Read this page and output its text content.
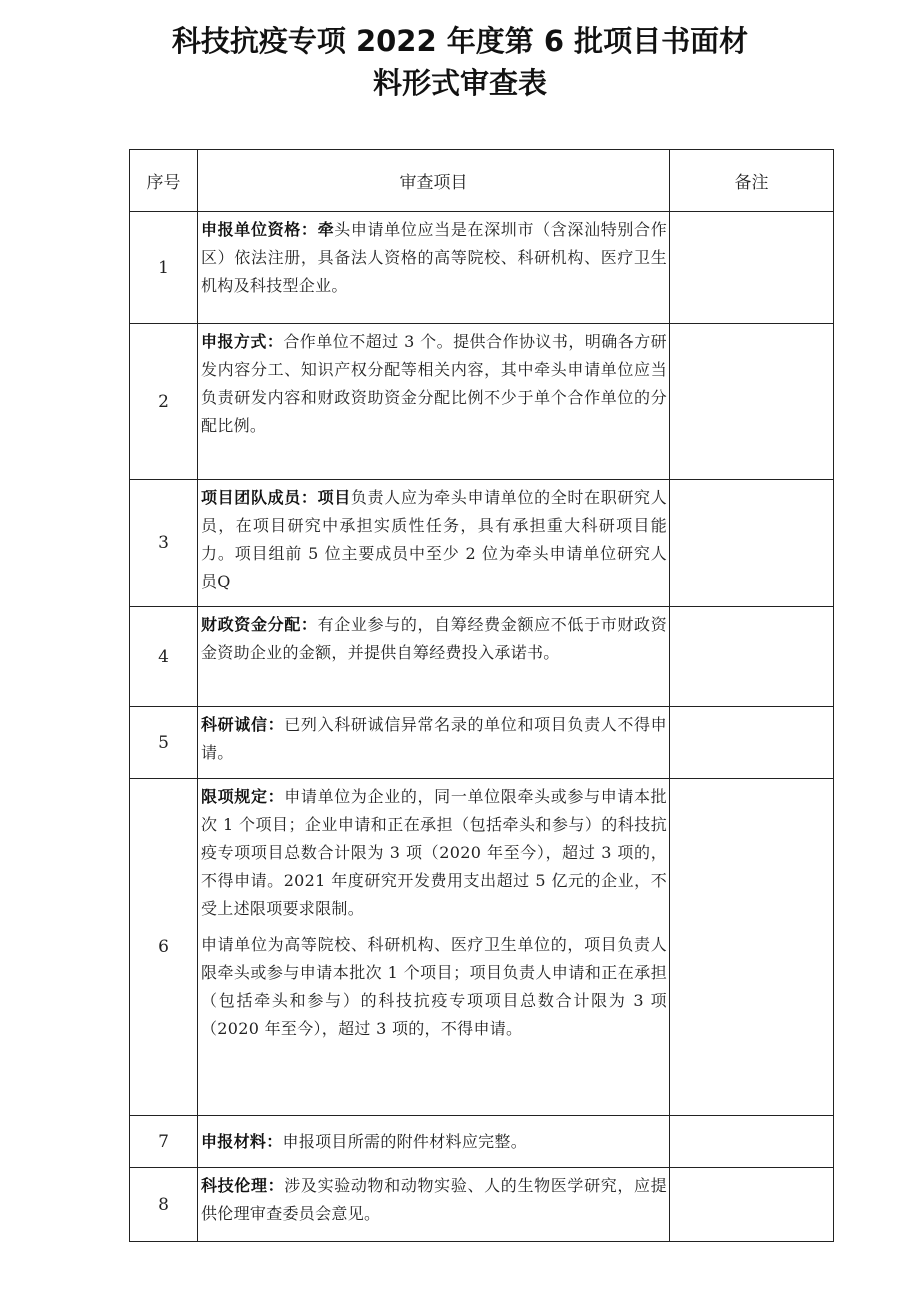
科技抗疫专项 2022 年度第 6 批项目书面材
料形式审查表
序号	审查项目	备注
1	申报单位资格：牵头申请单位应当是在深圳市（含深汕特别合作区）依法注册，具备法人资格的高等院校、科研机构、医疗卫生机构及科技型企业。	

2	申报方式：合作单位不超过 3 个。提供合作协议书，明确各方研发内容分工、知识产权分配等相关内容，其中牵头申请单位应当负责研发内容和财政资助资金分配比例不少于单个合作单位的分配比例。	

3	项目团队成员：项目负责人应为牵头申请单位的全时在职研究人员，在项目研究中承担实质性任务，具有承担重大科研项目能力。项目组前 5 位主要成员中至少 2 位为牵头申请单位研究人员Q	

4	财政资金分配：有企业参与的，自筹经费金额应不低于市财政资金资助企业的金额，并提供自筹经费投入承诺书。	

5	科研诚信：已列入科研诚信异常名录的单位和项目负责人不得申请。	

6	限项规定：申请单位为企业的，同一单位限牵头或参与申请本批次 1 个项目；企业申请和正在承担（包括牵头和参与）的科技抗疫专项项目总数合计限为 3 项（2020 年至今），超过 3 项的，不得申请。2021 年度研究开发费用支出超过 5 亿元的企业，不受上述限项要求限制。

申请单位为高等院校、科研机构、医疗卫生单位的，项目负责人限牵头或参与申请本批次 1 个项目；项目负责人申请和正在承担（包括牵头和参与）的科技抗疫专项项目总数合计限为 3 项（2020 年至今），超过 3 项的，不得申请。	

7	申报材料：申报项目所需的附件材料应完整。	

8	科技伦理：涉及实验动物和动物实验、人的生物医学研究，应提供伦理审查委员会意见。	
